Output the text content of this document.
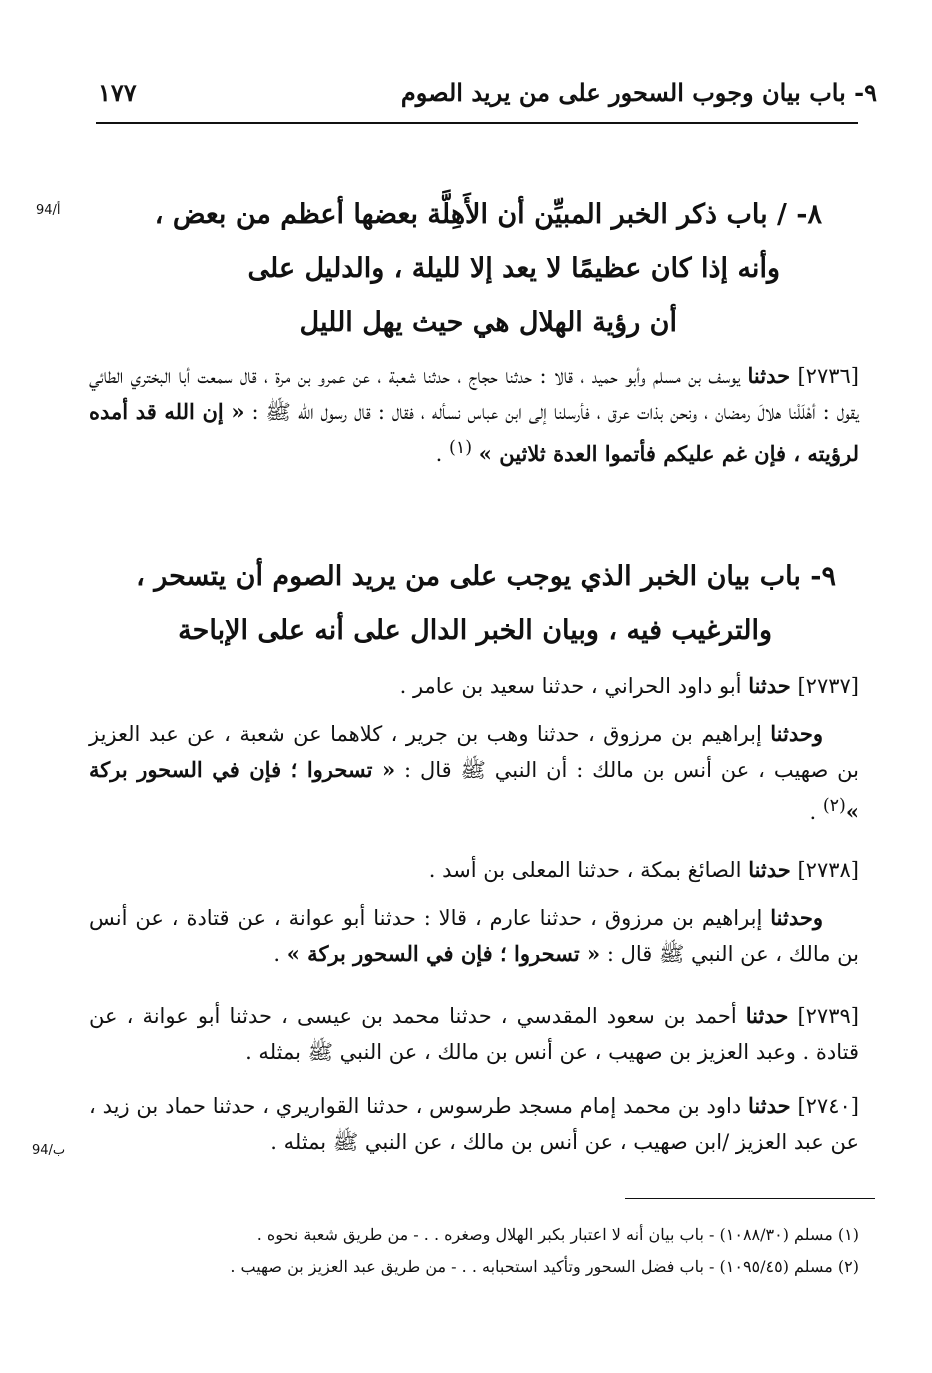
٩- باب بيان وجوب السحور على من يريد الصوم
١٧٧
94/أ
94/ب
٨- / باب ذكر الخبر المبيِّن أن الأَهِلَّة بعضها أعظم من بعض ،
وأنه إذا كان عظيمًا لا يعد إلا لليلة ، والدليل على
أن رؤية الهلال هي حيث يهل الليل
[٢٧٣٦] حدثنا يوسف بن مسلم وأبو حميد ، قالا : حدثنا حجاج ، حدثنا شعبة ، عن عمرو بن مرة ، قال سمعت أبا البختري الطائي يقول : أهْلَلْنا هلالَ رمضان ، ونحن بذات عرق ، فأرسلنا إلى ابن عباس نسأله ، فقال : قال رسول الله ﷺ : « إن الله قد أمده لرؤيته ، فإن غم عليكم فأتموا العدة ثلاثين » $^{(١)}$ .
٩- باب بيان الخبر الذي يوجب على من يريد الصوم أن يتسحر ،
والترغيب فيه ، وبيان الخبر الدال على أنه على الإباحة
[٢٧٣٧] حدثنا أبو داود الحراني ، حدثنا سعيد بن عامر .
وحدثنا إبراهيم بن مرزوق ، حدثنا وهب بن جرير ، كلاهما عن شعبة ، عن عبد العزيز بن صهيب ، عن أنس بن مالك : أن النبي ﷺ قال : « تسحروا ؛ فإن في السحور بركة »$^{(٢)}$ .
[٢٧٣٨] حدثنا الصائغ بمكة ، حدثنا المعلى بن أسد .
وحدثنا إبراهيم بن مرزوق ، حدثنا عارم ، قالا : حدثنا أبو عوانة ، عن قتادة ، عن أنس بن مالك ، عن النبي ﷺ قال : « تسحروا ؛ فإن في السحور بركة » .
[٢٧٣٩] حدثنا أحمد بن سعود المقدسي ، حدثنا محمد بن عيسى ، حدثنا أبو عوانة ، عن قتادة . وعبد العزيز بن صهيب ، عن أنس بن مالك ، عن النبي ﷺ بمثله .
[٢٧٤٠] حدثنا داود بن محمد إمام مسجد طرسوس ، حدثنا القواريري ، حدثنا حماد بن زيد ، عن عبد العزيز /ابن صهيب ، عن أنس بن مالك ، عن النبي ﷺ بمثله .
(١) مسلم (١٠٨٨/٣٠) - باب بيان أنه لا اعتبار بكبر الهلال وصغره . . - من طريق شعبة نحوه .
(٢) مسلم (١٠٩٥/٤٥) - باب فضل السحور وتأكيد استحبابه . . - من طريق عبد العزيز بن صهيب .
